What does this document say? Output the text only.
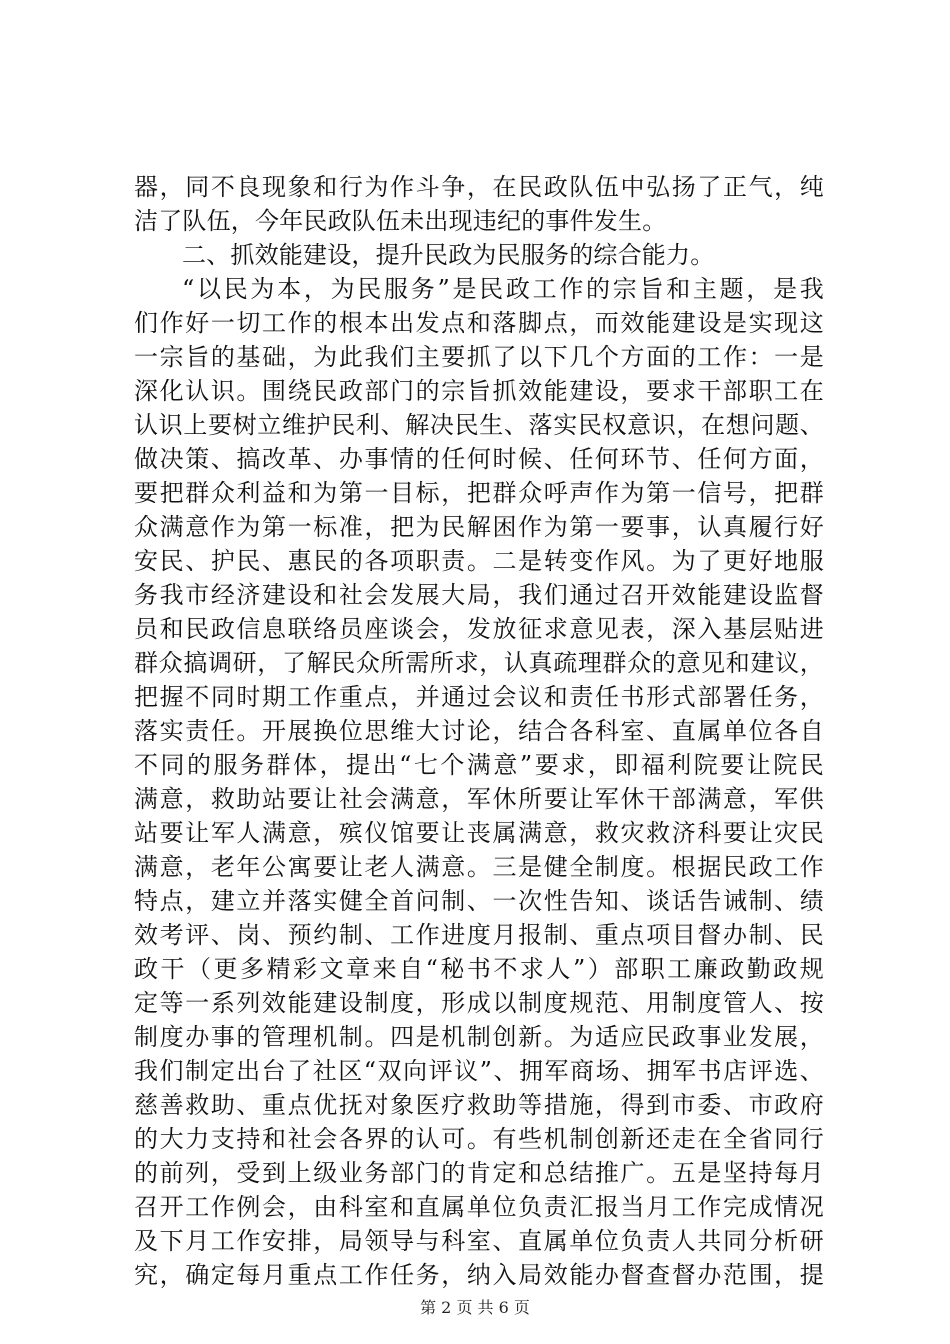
器，同不良现象和行为作斗争，在民政队伍中弘扬了正气，纯
洁了队伍，今年民政队伍未出现违纪的事件发生。
二、抓效能建设，提升民政为民服务的综合能力。
“以民为本，为民服务”是民政工作的宗旨和主题，是我
们作好一切工作的根本出发点和落脚点，而效能建设是实现这
一宗旨的基础，为此我们主要抓了以下几个方面的工作：一是
深化认识。围绕民政部门的宗旨抓效能建设，要求干部职工在
认识上要树立维护民利、解决民生、落实民权意识，在想问题、
做决策、搞改革、办事情的任何时候、任何环节、任何方面，
要把群众利益和为第一目标，把群众呼声作为第一信号，把群
众满意作为第一标准，把为民解困作为第一要事，认真履行好
安民、护民、惠民的各项职责。二是转变作风。为了更好地服
务我市经济建设和社会发展大局，我们通过召开效能建设监督
员和民政信息联络员座谈会，发放征求意见表，深入基层贴进
群众搞调研，了解民众所需所求，认真疏理群众的意见和建议，
把握不同时期工作重点，并通过会议和责任书形式部署任务，
落实责任。开展换位思维大讨论，结合各科室、直属单位各自
不同的服务群体，提出“七个满意”要求，即福利院要让院民
满意，救助站要让社会满意，军休所要让军休干部满意，军供
站要让军人满意，殡仪馆要让丧属满意，救灾救济科要让灾民
满意，老年公寓要让老人满意。三是健全制度。根据民政工作
特点，建立并落实健全首问制、一次性告知、谈话告诫制、绩
效考评、岗、预约制、工作进度月报制、重点项目督办制、民
政干（更多精彩文章来自“秘书不求人”）部职工廉政勤政规
定等一系列效能建设制度，形成以制度规范、用制度管人、按
制度办事的管理机制。四是机制创新。为适应民政事业发展，
我们制定出台了社区“双向评议”、拥军商场、拥军书店评选、
慈善救助、重点优抚对象医疗救助等措施，得到市委、市政府
的大力支持和社会各界的认可。有些机制创新还走在全省同行
的前列，受到上级业务部门的肯定和总结推广。五是坚持每月
召开工作例会，由科室和直属单位负责汇报当月工作完成情况
及下月工作安排，局领导与科室、直属单位负责人共同分析研
究，确定每月重点工作任务，纳入局效能办督查督办范围，提
第 2 页 共 6 页
